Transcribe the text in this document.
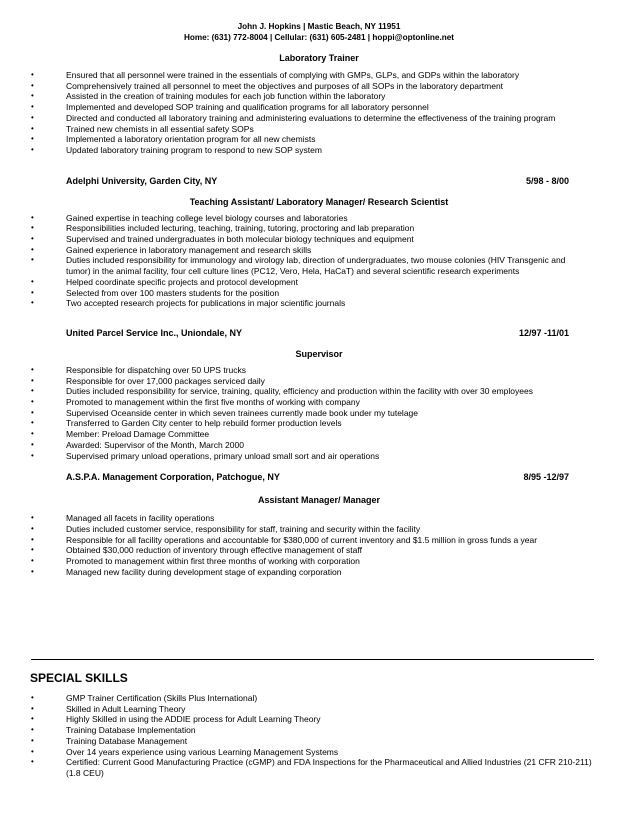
John J. Hopkins | Mastic Beach, NY 11951
Home: (631) 772-8004 | Cellular: (631) 605-2481 | hoppi@optonline.net
Laboratory Trainer
•	Ensured that all personnel were trained in the essentials of complying with GMPs, GLPs, and GDPs within the laboratory
•	Comprehensively trained all personnel to meet the objectives and purposes of all SOPs in the laboratory department
•	Assisted in the creation of training modules for each job function within the laboratory
•	Implemented and developed SOP training and qualification programs for all laboratory personnel
•	Directed and conducted all laboratory training and administering evaluations to determine the effectiveness of the training program
•	Trained new chemists in all essential safety SOPs
•	Implemented a laboratory orientation program for all new chemists
•	Updated laboratory training program to respond to new SOP system
Adelphi University, Garden City, NY	5/98 - 8/00
Teaching Assistant/ Laboratory Manager/ Research Scientist
•	Gained expertise in teaching college level biology courses and laboratories
•	Responsibilities included lecturing, teaching, training, tutoring, proctoring and lab preparation
•	Supervised and trained undergraduates in both molecular biology techniques and equipment
•	Gained experience in laboratory management and research skills
•	Duties included responsibility for immunology and virology lab, direction of undergraduates, two mouse colonies (HIV Transgenic and tumor) in the animal facility, four cell culture lines (PC12, Vero, Hela, HaCaT) and several scientific research experiments
•	Helped coordinate specific projects and protocol development
•	Selected from over 100 masters students for the position
•	Two accepted research projects for publications in major scientific journals
United Parcel Service Inc., Uniondale, NY	12/97 -11/01
Supervisor
•	Responsible for dispatching over 50 UPS trucks
•	Responsible for over 17,000 packages serviced daily
•	Duties included responsibility for service, training, quality, efficiency and production within the facility with over 30 employees
•	Promoted to management within the first five months of working with company
•	Supervised Oceanside center in which seven trainees currently made book under my tutelage
•	Transferred to Garden City center to help rebuild former production levels
•	Member: Preload Damage Committee
•	Awarded: Supervisor of the Month, March 2000
•	Supervised primary unload operations, primary unload small sort and air operations
A.S.P.A. Management Corporation, Patchogue, NY	8/95 -12/97
Assistant Manager/ Manager
•	Managed all facets in facility operations
•	Duties included customer service, responsibility for staff, training and security within the facility
•	Responsible for all facility operations and accountable for $380,000 of current inventory and $1.5 million in gross funds a year
•	Obtained $30,000 reduction of inventory through effective management of staff
•	Promoted to management within first three months of working with corporation
•	Managed new facility during development stage of expanding corporation
SPECIAL SKILLS
•	GMP Trainer Certification (Skills Plus International)
•	Skilled in Adult Learning Theory
•	Highly Skilled in using the ADDIE process for Adult Learning Theory
•	Training Database Implementation
•	Training Database Management
•	Over 14 years experience using various Learning Management Systems
•	Certified: Current Good Manufacturing Practice (cGMP) and FDA Inspections for the Pharmaceutical and Allied Industries (21 CFR 210-211) (1.8 CEU)
